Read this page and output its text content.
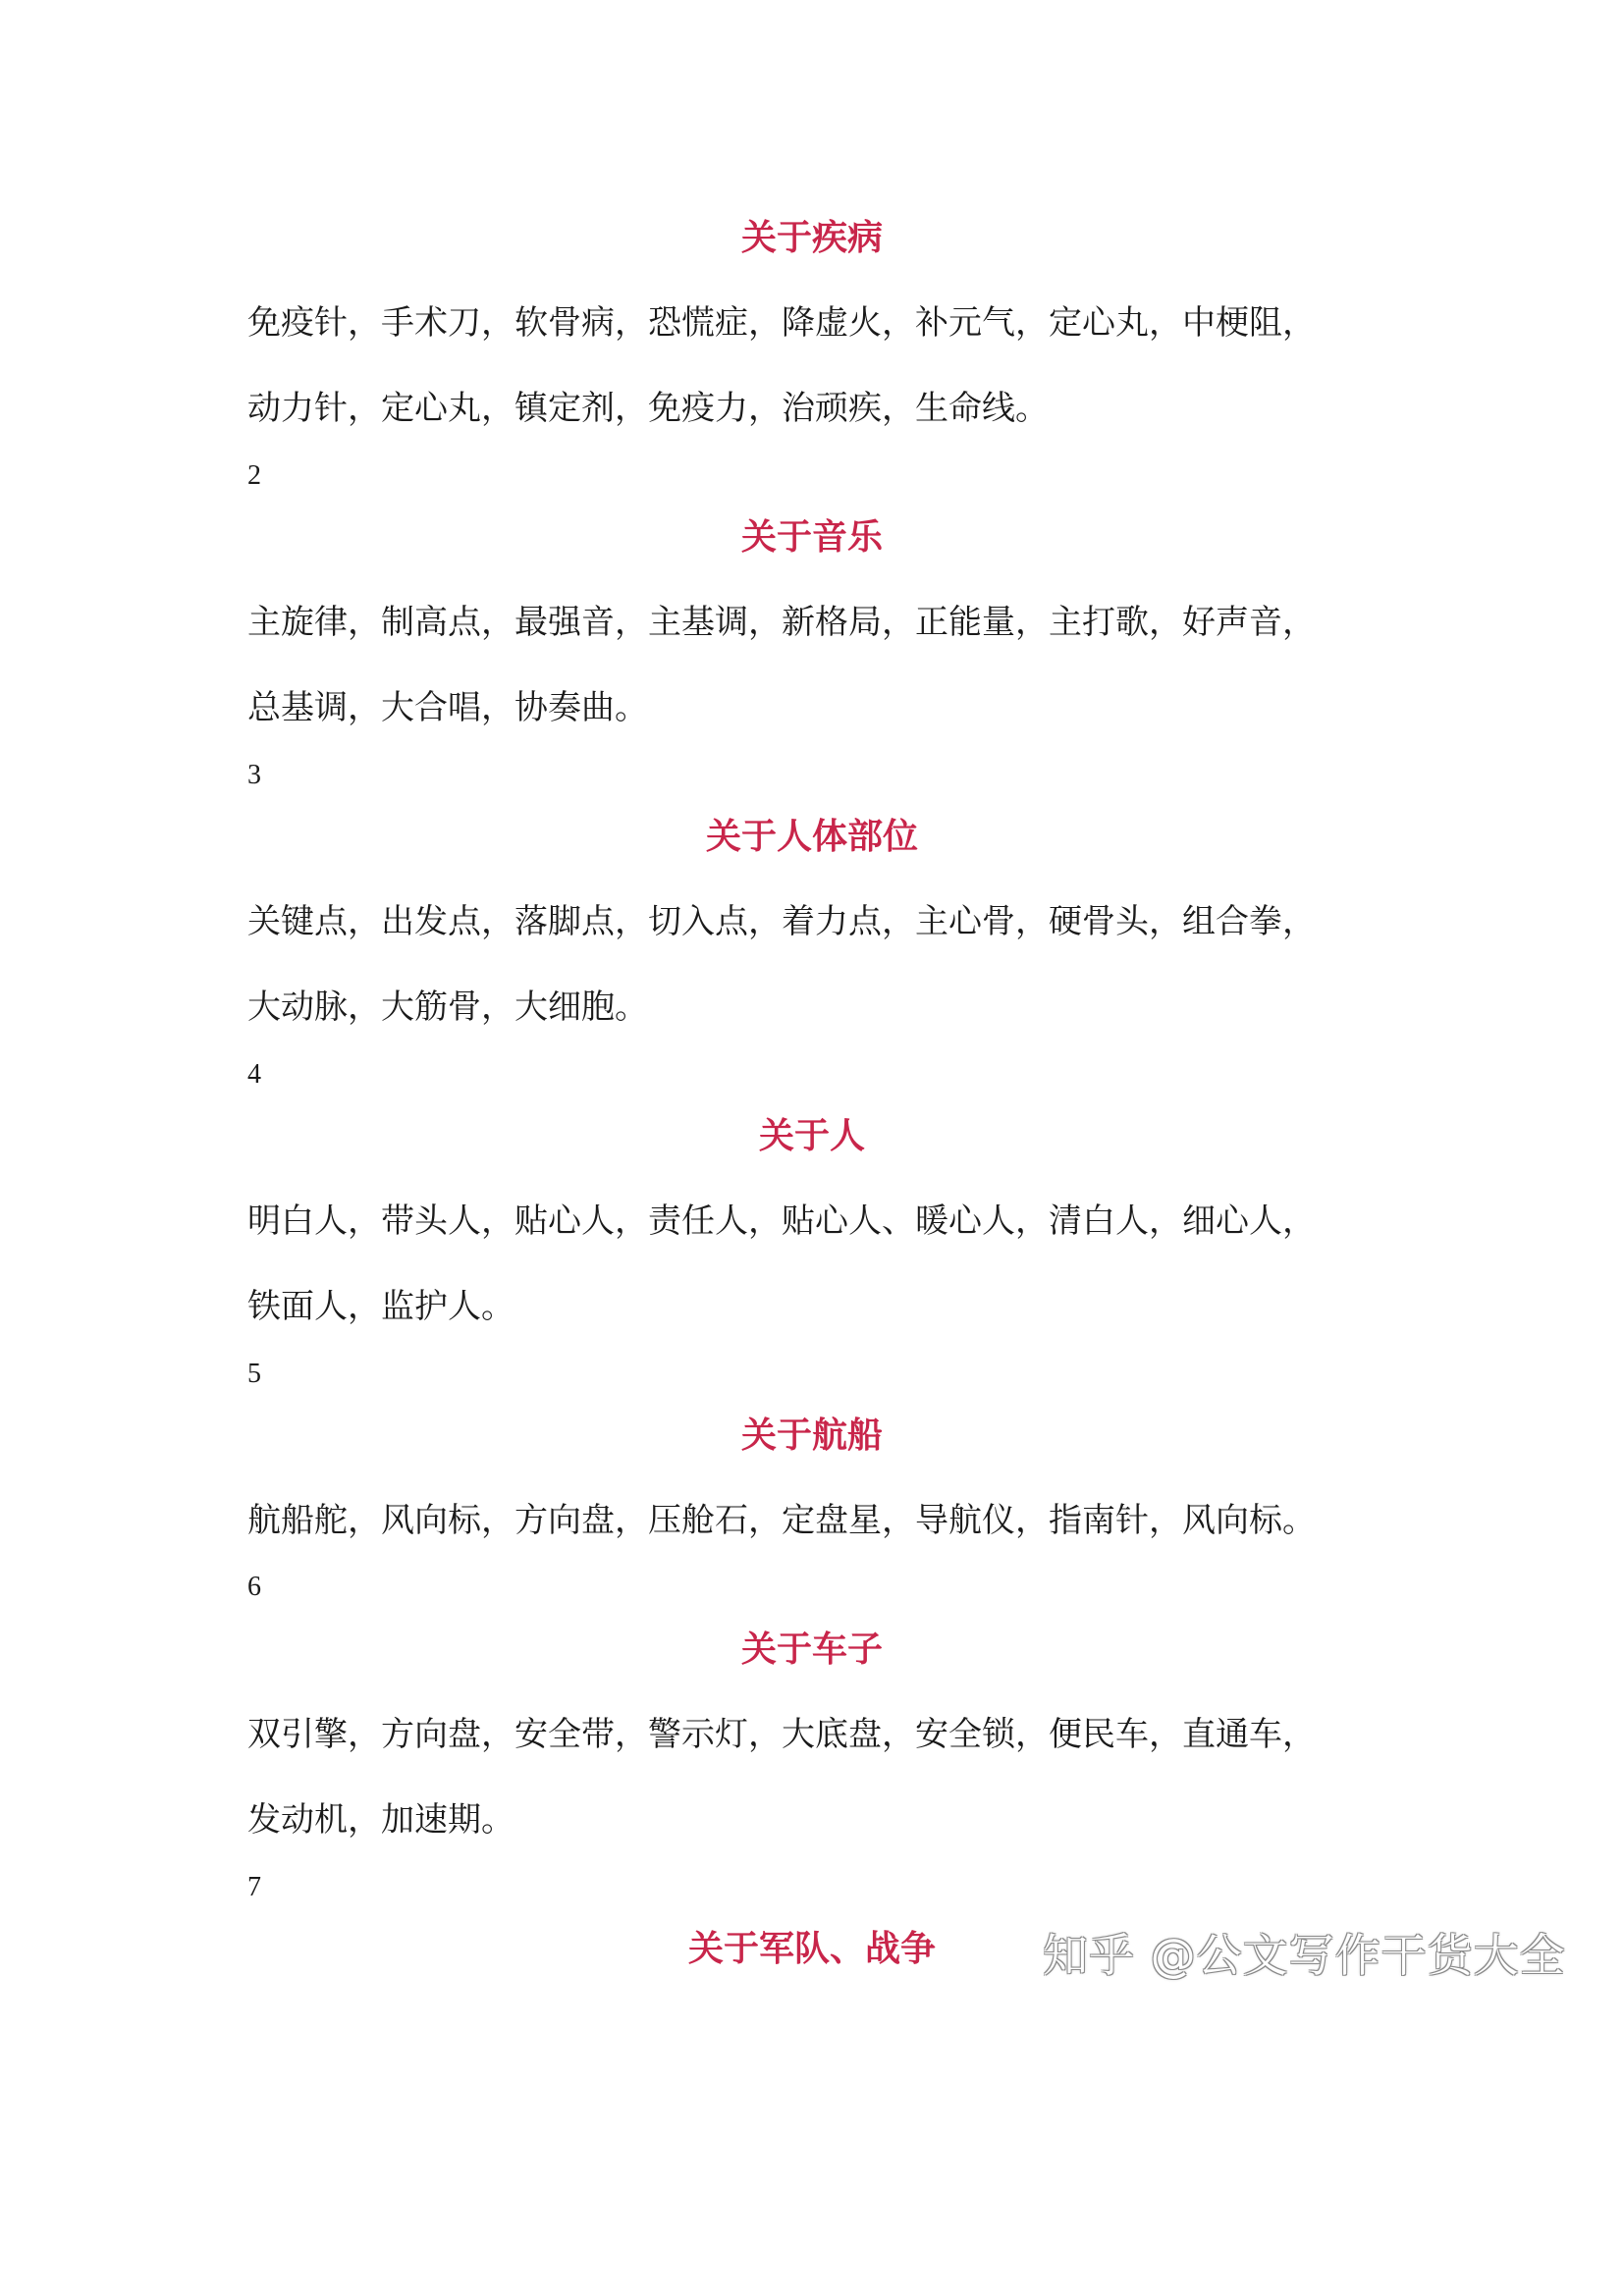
关于疾病
免疫针，手术刀，软骨病，恐慌症，降虚火，补元气，定心丸，中梗阻，
动力针，定心丸，镇定剂，免疫力，治顽疾，生命线。
2
关于音乐
主旋律，制高点，最强音，主基调，新格局，正能量，主打歌，好声音，
总基调，大合唱，协奏曲。
3
关于人体部位
关键点，出发点，落脚点，切入点，着力点，主心骨，硬骨头，组合拳，
大动脉，大筋骨，大细胞。
4
关于人
明白人，带头人，贴心人，责任人，贴心人、暖心人，清白人，细心人，
铁面人，监护人。
5
关于航船
航船舵，风向标，方向盘，压舱石，定盘星，导航仪，指南针，风向标。
6
关于车子
双引擎，方向盘，安全带，警示灯，大底盘，安全锁，便民车，直通车，
发动机，加速期。
7
关于军队、战争	知乎 @公文写作干货大全
